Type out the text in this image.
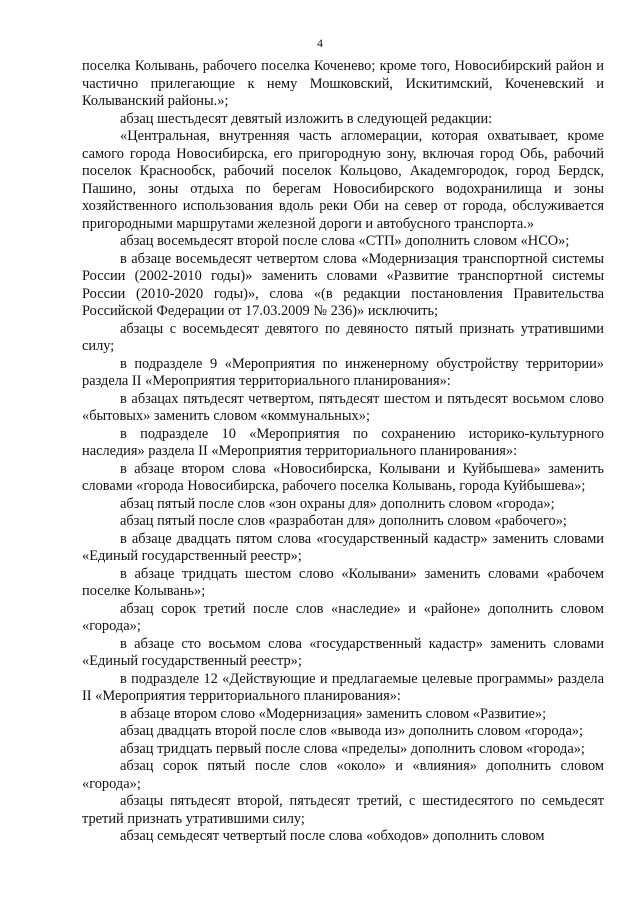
4

поселка Колывань, рабочего поселка Коченево; кроме того, Новосибирский район и частично прилегающие к нему Мошковский, Искитимский, Коченевский и Колыванский районы.»;

абзац шестьдесят девятый изложить в следующей редакции:

«Центральная, внутренняя часть агломерации, которая охватывает, кроме самого города Новосибирска, его пригородную зону, включая город Обь, рабочий поселок Краснообск, рабочий поселок Кольцово, Академгородок, город Бердск, Пашино, зоны отдыха по берегам Новосибирского водохранилища и зоны хозяйственного использования вдоль реки Оби на север от города, обслуживается пригородными маршрутами железной дороги и автобусного транспорта.»

абзац восемьдесят второй после слова «СТП» дополнить словом «НСО»;

в абзаце восемьдесят четвертом слова «Модернизация транспортной системы России (2002-2010 годы)» заменить словами «Развитие транспортной системы России (2010-2020 годы)», слова «(в редакции постановления Правительства Российской Федерации от 17.03.2009 № 236)» исключить;

абзацы с восемьдесят девятого по девяносто пятый признать утратившими силу;

в подразделе 9 «Мероприятия по инженерному обустройству территории» раздела II «Мероприятия территориального планирования»:

в абзацах пятьдесят четвертом, пятьдесят шестом и пятьдесят восьмом слово «бытовых» заменить словом «коммунальных»;

в подразделе 10 «Мероприятия по сохранению историко-культурного наследия» раздела II «Мероприятия территориального планирования»:

в абзаце втором слова «Новосибирска, Колывани и Куйбышева» заменить словами «города Новосибирска, рабочего поселка Колывань, города Куйбышева»;

абзац пятый после слов «зон охраны для» дополнить словом «города»;

абзац пятый после слов «разработан для» дополнить словом «рабочего»;

в абзаце двадцать пятом слова «государственный кадастр» заменить словами «Единый государственный реестр»;

в абзаце тридцать шестом слово «Колывани» заменить словами «рабочем поселке Колывань»;

абзац сорок третий после слов «наследие» и «районе» дополнить словом «города»;

в абзаце сто восьмом слова «государственный кадастр» заменить словами «Единый государственный реестр»;

в подразделе 12 «Действующие и предлагаемые целевые программы» раздела II «Мероприятия территориального планирования»:

в абзаце втором слово «Модернизация» заменить словом «Развитие»;

абзац двадцать второй после слов «вывода из» дополнить словом «города»;

абзац тридцать первый после слова «пределы» дополнить словом «города»;

абзац сорок пятый после слов «около» и «влияния» дополнить словом «города»;

абзацы пятьдесят второй, пятьдесят третий, с шестидесятого по семьдесят третий признать утратившими силу;

абзац семьдесят четвертый после слова «обходов» дополнить словом
